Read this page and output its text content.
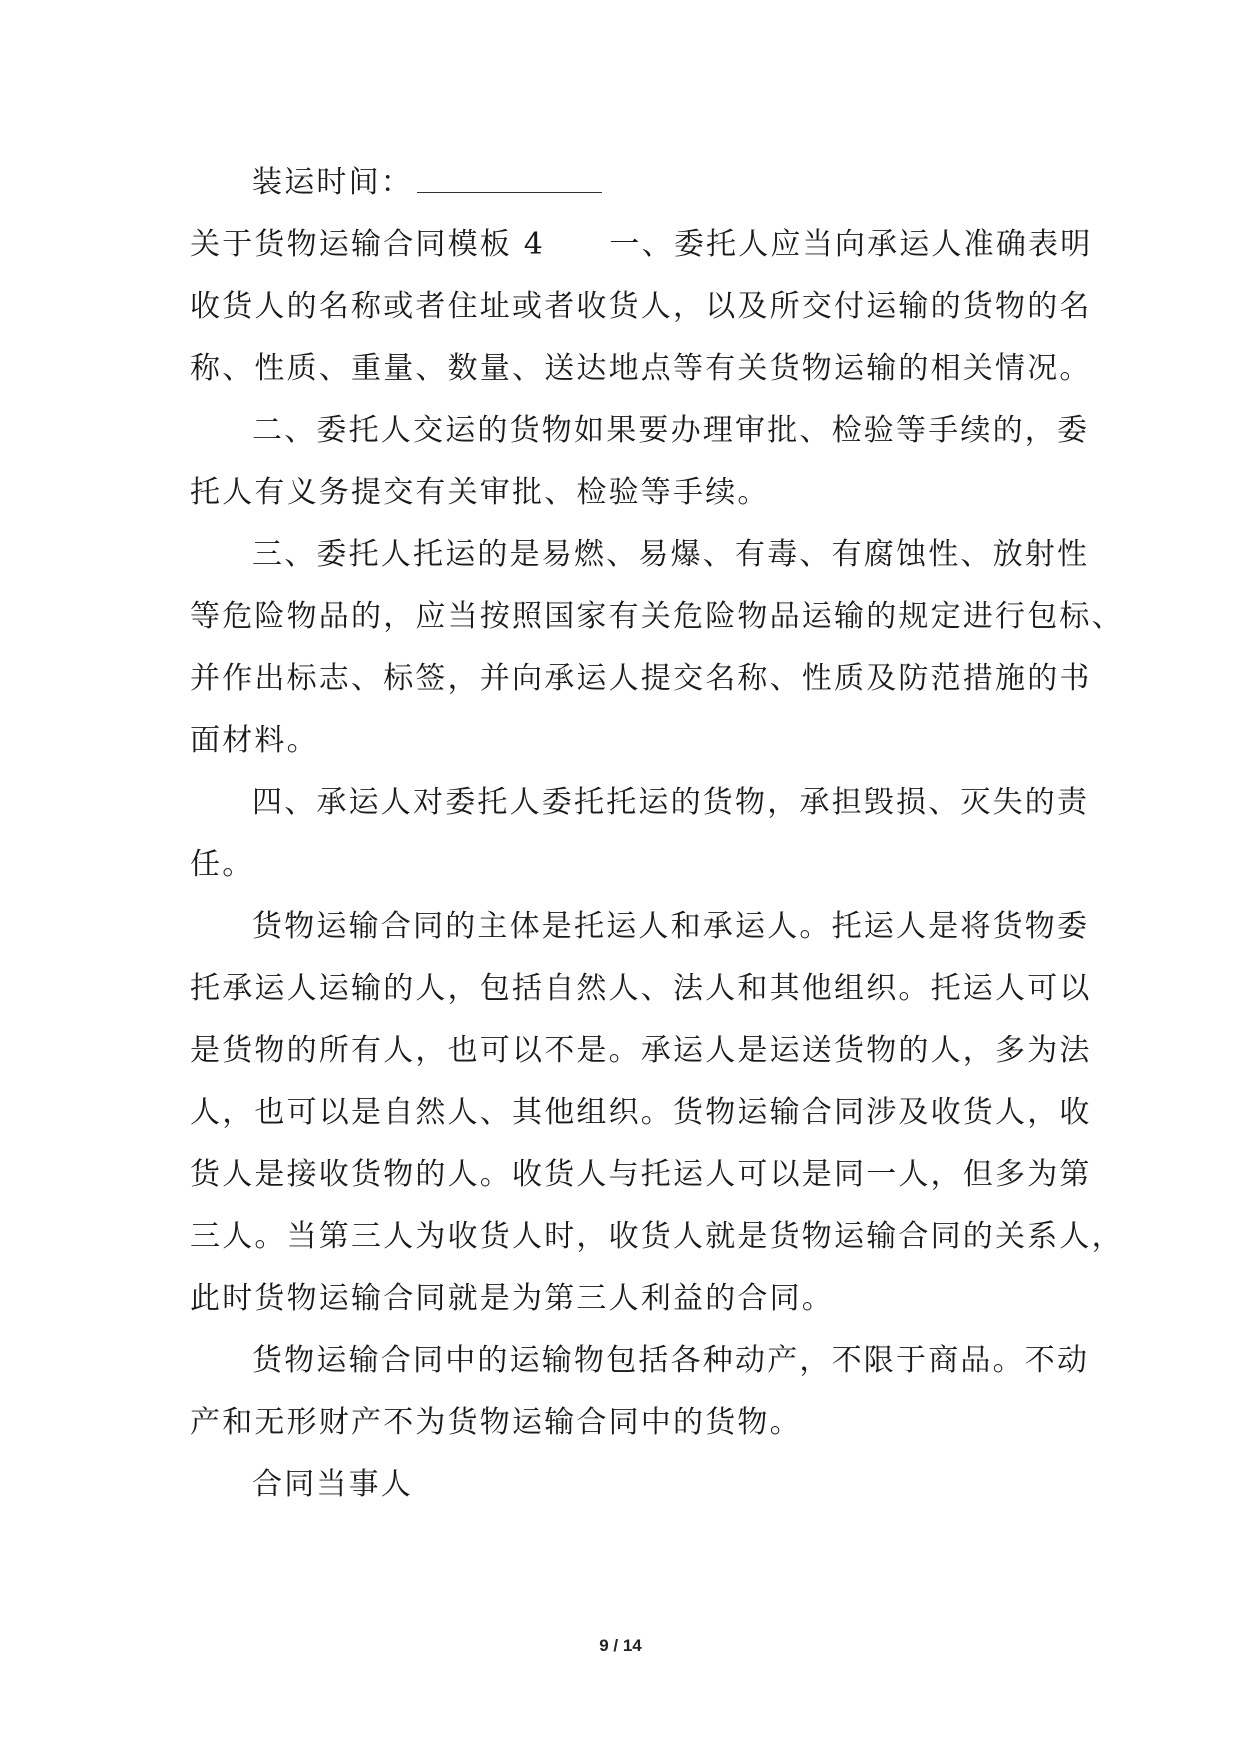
装运时间：
关于货物运输合同模板 4　　一、委托人应当向承运人准确表明
收货人的名称或者住址或者收货人，以及所交付运输的货物的名
称、性质、重量、数量、送达地点等有关货物运输的相关情况。
二、委托人交运的货物如果要办理审批、检验等手续的，委
托人有义务提交有关审批、检验等手续。
三、委托人托运的是易燃、易爆、有毒、有腐蚀性、放射性
等危险物品的，应当按照国家有关危险物品运输的规定进行包标、
并作出标志、标签，并向承运人提交名称、性质及防范措施的书
面材料。
四、承运人对委托人委托托运的货物，承担毁损、灭失的责
任。
货物运输合同的主体是托运人和承运人。托运人是将货物委
托承运人运输的人，包括自然人、法人和其他组织。托运人可以
是货物的所有人，也可以不是。承运人是运送货物的人，多为法
人，也可以是自然人、其他组织。货物运输合同涉及收货人，收
货人是接收货物的人。收货人与托运人可以是同一人，但多为第
三人。当第三人为收货人时，收货人就是货物运输合同的关系人，
此时货物运输合同就是为第三人利益的合同。
货物运输合同中的运输物包括各种动产，不限于商品。不动
产和无形财产不为货物运输合同中的货物。
合同当事人
9 / 14
